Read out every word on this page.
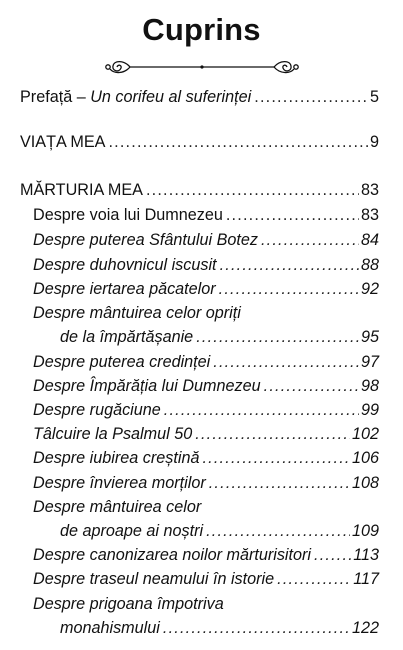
Cuprins
Prefață – Un corifeu al suferinței .....	5
VIAȚA MEA .....	9
MĂRTURIA MEA .....	83
Despre voia lui Dumnezeu .....	83
Despre puterea Sfântului Botez .....	84
Despre duhovnicul iscusit .....	88
Despre iertarea păcatelor .....	92
Despre mântuirea celor opriți
de la împărtășanie .....	95
Despre puterea credinței .....	97
Despre Împărăția lui Dumnezeu .....	98
Despre rugăciune .....	99
Tâlcuire la Psalmul 50 .....	102
Despre iubirea creștină .....	106
Despre învierea morților .....	108
Despre mântuirea celor
de aproape ai noștri .....	109
Despre canonizarea noilor mărturisitori .....	113
Despre traseul neamului în istorie .....	117
Despre prigoana împotriva
monahismului .....	122
